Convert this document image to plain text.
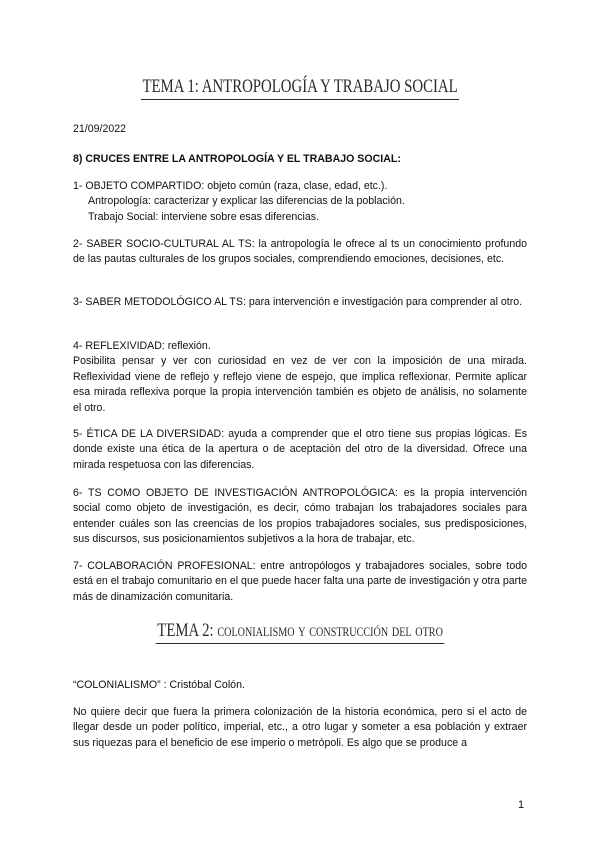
TEMA 1: ANTROPOLOGÍA Y TRABAJO SOCIAL
21/09/2022
8) CRUCES ENTRE LA ANTROPOLOGÍA Y EL TRABAJO SOCIAL:
1- OBJETO COMPARTIDO: objeto común (raza, clase, edad, etc.).
Antropología: caracterizar y explicar las diferencias de la población.
Trabajo Social: interviene sobre esas diferencias.
2- SABER SOCIO-CULTURAL AL TS: la antropología le ofrece al ts un conocimiento profundo de las pautas culturales de los grupos sociales, comprendiendo emociones, decisiones, etc.
3- SABER METODOLÓGICO AL TS: para intervención e investigación para comprender al otro.
4- REFLEXIVIDAD: reflexión.
Posibilita pensar y ver con curiosidad en vez de ver con la imposición de una mirada. Reflexividad viene de reflejo y reflejo viene de espejo, que implica reflexionar. Permite aplicar esa mirada reflexiva porque la propia intervención también es objeto de análisis, no solamente el otro.
5- ÉTICA DE LA DIVERSIDAD: ayuda a comprender que el otro tiene sus propias lógicas. Es donde existe una ética de la apertura o de aceptación del otro de la diversidad. Ofrece una mirada respetuosa con las diferencias.
6- TS COMO OBJETO DE INVESTIGACIÓN ANTROPOLÓGICA: es la propia intervención social como objeto de investigación, es decir, cómo trabajan los trabajadores sociales para entender cuáles son las creencias de los propios trabajadores sociales, sus predisposiciones, sus discursos, sus posicionamientos subjetivos a la hora de trabajar, etc.
7- COLABORACIÓN PROFESIONAL: entre antropólogos y trabajadores sociales, sobre todo está en el trabajo comunitario en el que puede hacer falta una parte de investigación y otra parte más de dinamización comunitaria.
TEMA 2: colonialismo y construcción del otro
“COLONIALISMO” : Cristóbal Colón.
No quiere decir que fuera la primera colonización de la historia económica, pero si el acto de llegar desde un poder político, imperial, etc., a otro lugar y someter a esa población y extraer sus riquezas para el beneficio de ese imperio o metrópoli. Es algo que se produce a
1
